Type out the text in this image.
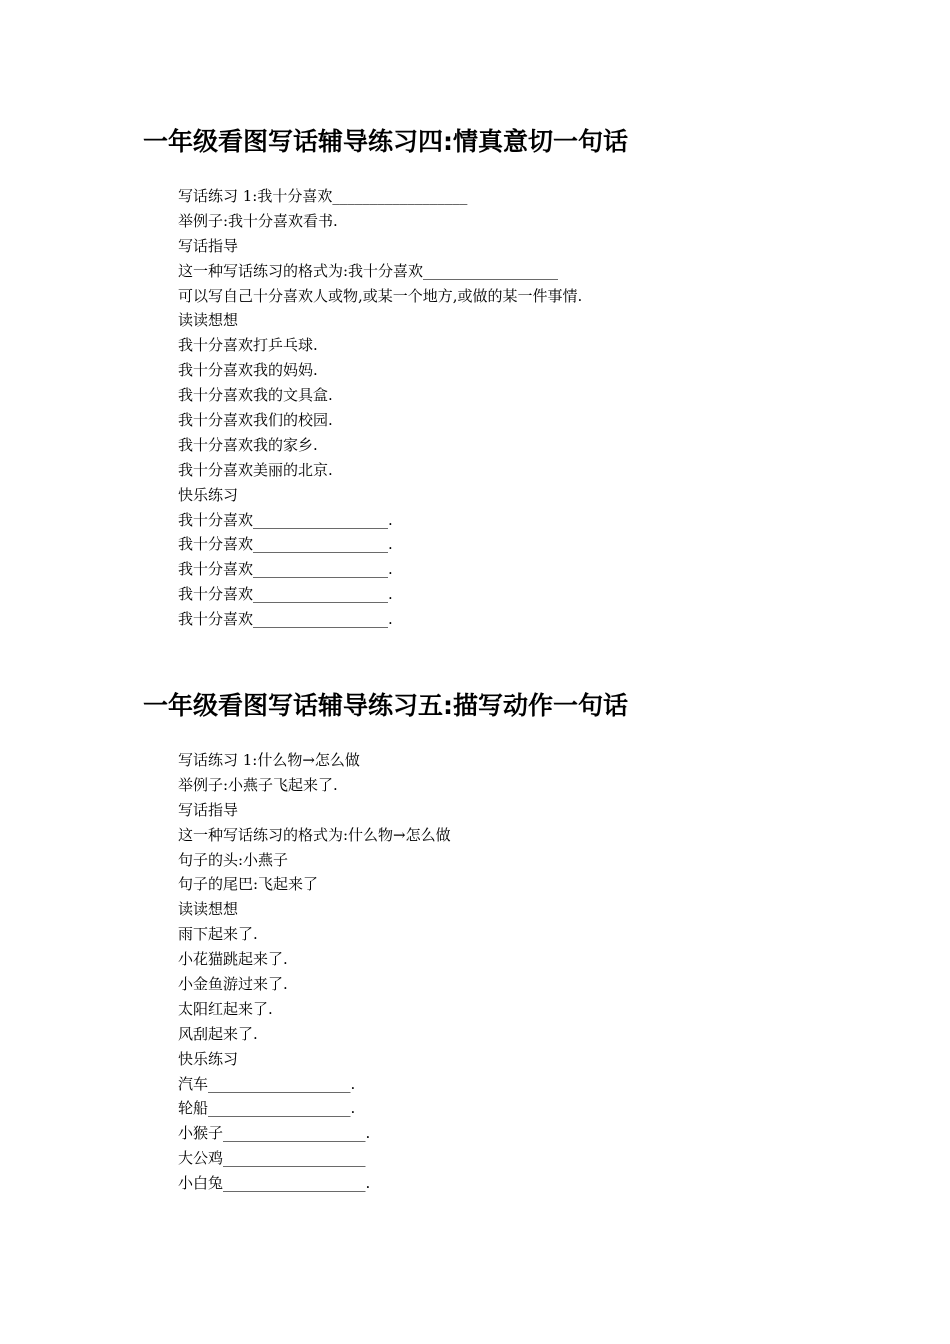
一年级看图写话辅导练习四:情真意切一句话
写话练习 1:我十分喜欢__________________
举例子:我十分喜欢看书.
写话指导
这一种写话练习的格式为:我十分喜欢__________________
可以写自己十分喜欢人或物,或某一个地方,或做的某一件事情.
读读想想
我十分喜欢打乒乓球.
我十分喜欢我的妈妈.
我十分喜欢我的文具盒.
我十分喜欢我们的校园.
我十分喜欢我的家乡.
我十分喜欢美丽的北京.
快乐练习
我十分喜欢__________________.
我十分喜欢__________________.
我十分喜欢__________________.
我十分喜欢__________________.
我十分喜欢__________________.
一年级看图写话辅导练习五:描写动作一句话
写话练习 1:什么物→怎么做
举例子:小燕子飞起来了.
写话指导
这一种写话练习的格式为:什么物→怎么做
句子的头:小燕子
句子的尾巴:飞起来了
读读想想
雨下起来了.
小花猫跳起来了.
小金鱼游过来了.
太阳红起来了.
风刮起来了.
快乐练习
汽车___________________.
轮船___________________.
小猴子___________________.
大公鸡___________________
小白兔___________________.
